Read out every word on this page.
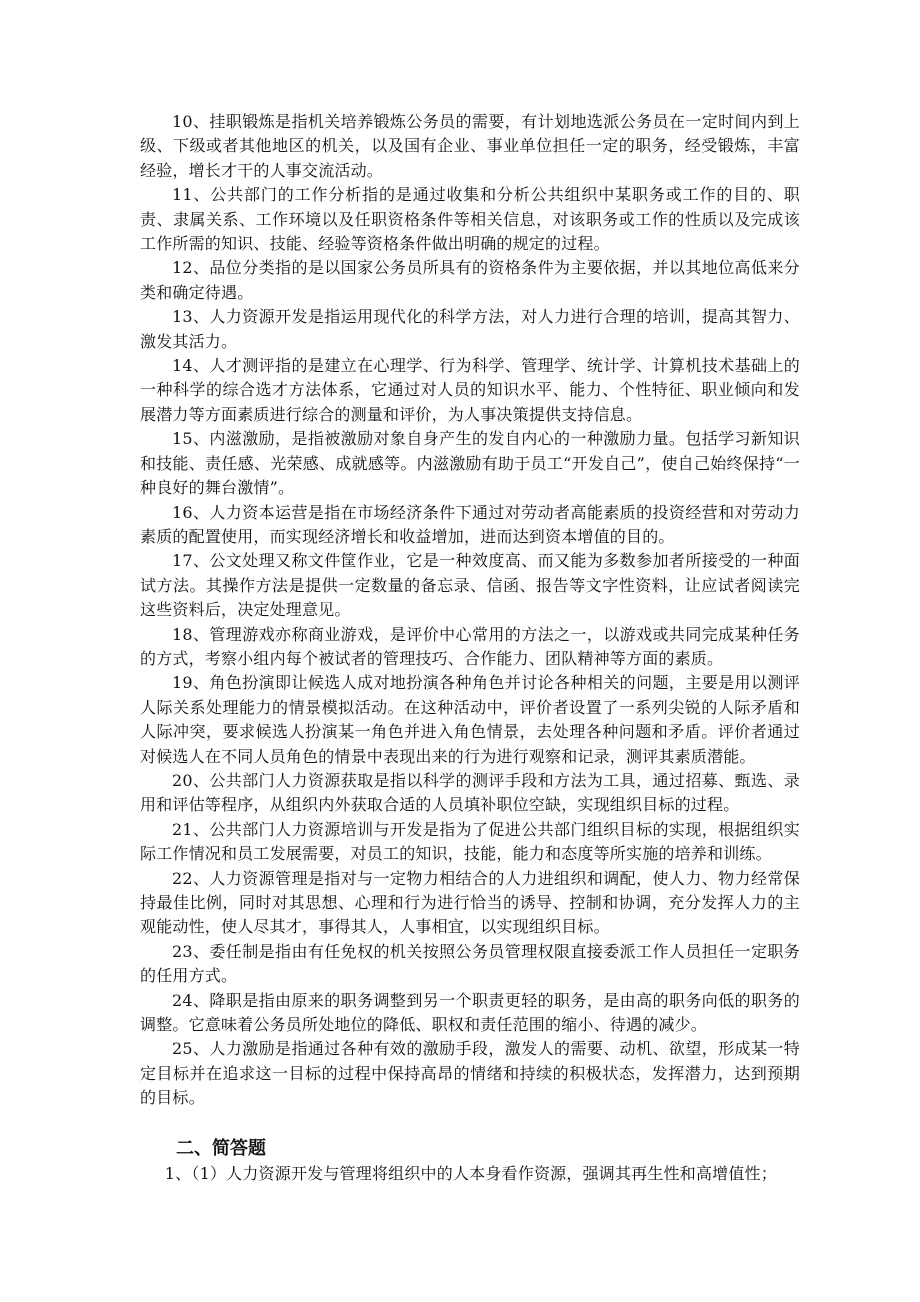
10、挂职锻炼是指机关培养锻炼公务员的需要，有计划地选派公务员在一定时间内到上级、下级或者其他地区的机关，以及国有企业、事业单位担任一定的职务，经受锻炼，丰富经验，增长才干的人事交流活动。

11、公共部门的工作分析指的是通过收集和分析公共组织中某职务或工作的目的、职责、隶属关系、工作环境以及任职资格条件等相关信息，对该职务或工作的性质以及完成该工作所需的知识、技能、经验等资格条件做出明确的规定的过程。

12、品位分类指的是以国家公务员所具有的资格条件为主要依据，并以其地位高低来分类和确定待遇。

13、人力资源开发是指运用现代化的科学方法，对人力进行合理的培训，提高其智力、激发其活力。

14、人才测评指的是建立在心理学、行为科学、管理学、统计学、计算机技术基础上的一种科学的综合选才方法体系，它通过对人员的知识水平、能力、个性特征、职业倾向和发展潜力等方面素质进行综合的测量和评价，为人事决策提供支持信息。

15、内滋激励，是指被激励对象自身产生的发自内心的一种激励力量。包括学习新知识和技能、责任感、光荣感、成就感等。内滋激励有助于员工“开发自己”，使自己始终保持“一种良好的舞台激情”。

16、人力资本运营是指在市场经济条件下通过对劳动者高能素质的投资经营和对劳动力素质的配置使用，而实现经济增长和收益增加，进而达到资本增值的目的。

17、公文处理又称文件筐作业，它是一种效度高、而又能为多数参加者所接受的一种面试方法。其操作方法是提供一定数量的备忘录、信函、报告等文字性资料，让应试者阅读完这些资料后，决定处理意见。

18、管理游戏亦称商业游戏，是评价中心常用的方法之一，以游戏或共同完成某种任务的方式，考察小组内每个被试者的管理技巧、合作能力、团队精神等方面的素质。

19、角色扮演即让候选人成对地扮演各种角色并讨论各种相关的问题，主要是用以测评人际关系处理能力的情景模拟活动。在这种活动中，评价者设置了一系列尖锐的人际矛盾和人际冲突，要求候选人扮演某一角色并进入角色情景，去处理各种问题和矛盾。评价者通过对候选人在不同人员角色的情景中表现出来的行为进行观察和记录，测评其素质潜能。

20、公共部门人力资源获取是指以科学的测评手段和方法为工具，通过招募、甄选、录用和评估等程序，从组织内外获取合适的人员填补职位空缺，实现组织目标的过程。

21、公共部门人力资源培训与开发是指为了促进公共部门组织目标的实现，根据组织实际工作情况和员工发展需要，对员工的知识，技能，能力和态度等所实施的培养和训练。

22、人力资源管理是指对与一定物力相结合的人力进组织和调配，使人力、物力经常保持最佳比例，同时对其思想、心理和行为进行恰当的诱导、控制和协调，充分发挥人力的主观能动性，使人尽其才，事得其人，人事相宜，以实现组织目标。

23、委任制是指由有任免权的机关按照公务员管理权限直接委派工作人员担任一定职务的任用方式。

24、降职是指由原来的职务调整到另一个职责更轻的职务，是由高的职务向低的职务的调整。它意味着公务员所处地位的降低、职权和责任范围的缩小、待遇的减少。

25、人力激励是指通过各种有效的激励手段，激发人的需要、动机、欲望，形成某一特定目标并在追求这一目标的过程中保持高昂的情绪和持续的积极状态，发挥潜力，达到预期的目标。

二、简答题

1、（1）人力资源开发与管理将组织中的人本身看作资源，强调其再生性和高增值性；
